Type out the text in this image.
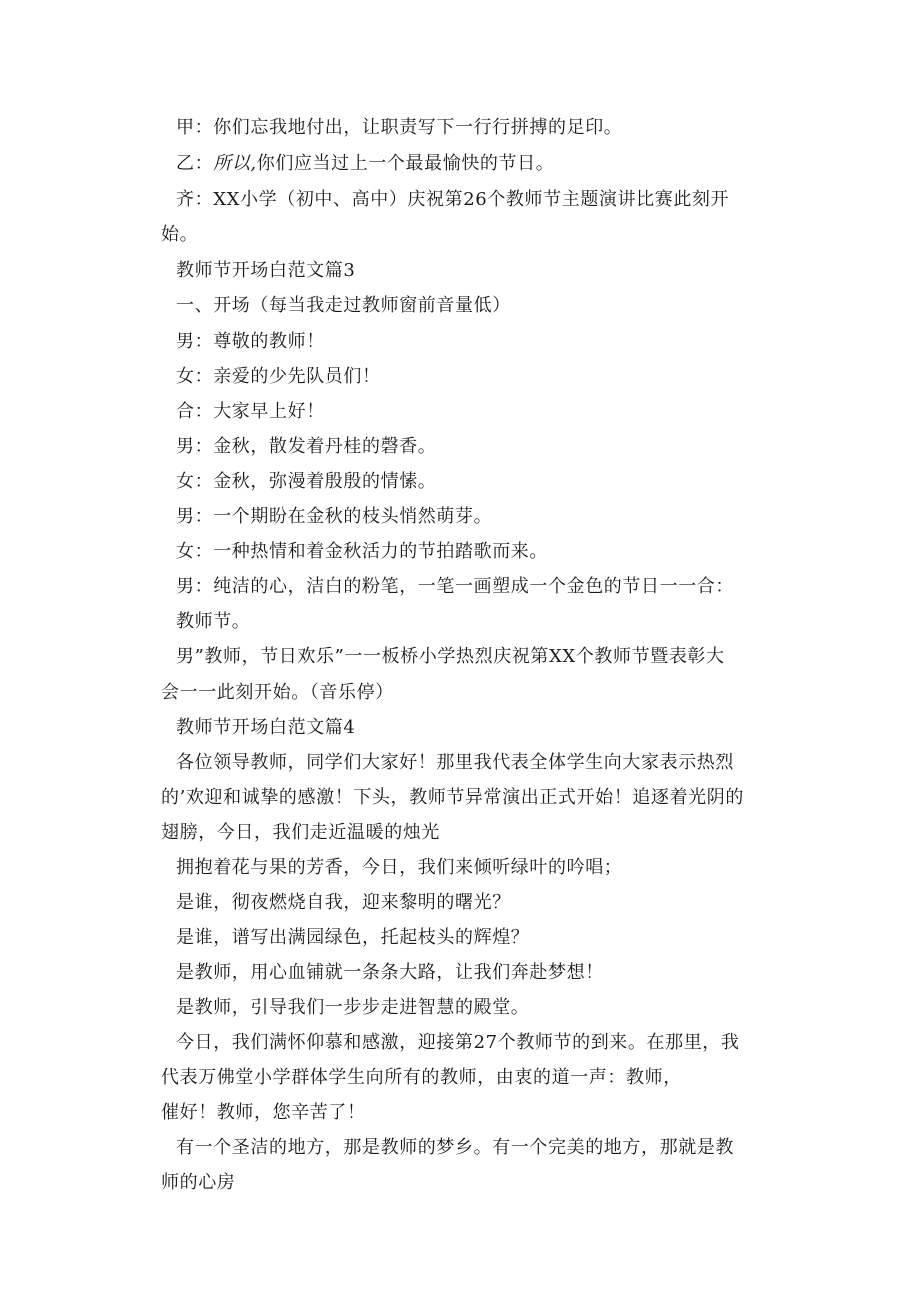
甲：你们忘我地付出，让职责写下一行行拼搏的足印。
乙：所以,你们应当过上一个最最愉快的节日。
齐：XX小学（初中、高中）庆祝第26个教师节主题演讲比赛此刻开
始。
教师节开场白范文篇3
一、开场（每当我走过教师窗前音量低）
男：尊敬的教师！
女：亲爱的少先队员们！
合：大家早上好！
男：金秋，散发着丹桂的磬香。
女：金秋，弥漫着殷殷的情愫。
男：一个期盼在金秋的枝头悄然萌芽。
女：一种热情和着金秋活力的节拍踏歌而来。
男：纯洁的心，洁白的粉笔，一笔一画塑成一个金色的节日一一合：
教师节。
男”教师，节日欢乐”一一板桥小学热烈庆祝第XX个教师节暨表彰大
会一一此刻开始。（音乐停）
教师节开场白范文篇4
各位领导教师，同学们大家好！那里我代表全体学生向大家表示热烈
的’欢迎和诚挚的感激！下头，教师节异常演出正式开始！追逐着光阴的
翅膀，今日，我们走近温暖的烛光
拥抱着花与果的芳香，今日，我们来倾听绿叶的吟唱；
是谁，彻夜燃烧自我，迎来黎明的曙光？
是谁，谱写出满园绿色，托起枝头的辉煌？
是教师，用心血铺就一条条大路，让我们奔赴梦想！
是教师，引导我们一步步走进智慧的殿堂。
今日，我们满怀仰慕和感激，迎接第27个教师节的到来。在那里，我
代表万佛堂小学群体学生向所有的教师，由衷的道一声：教师，
催好！教师，您辛苦了！
有一个圣洁的地方，那是教师的梦乡。有一个完美的地方，那就是教
师的心房
